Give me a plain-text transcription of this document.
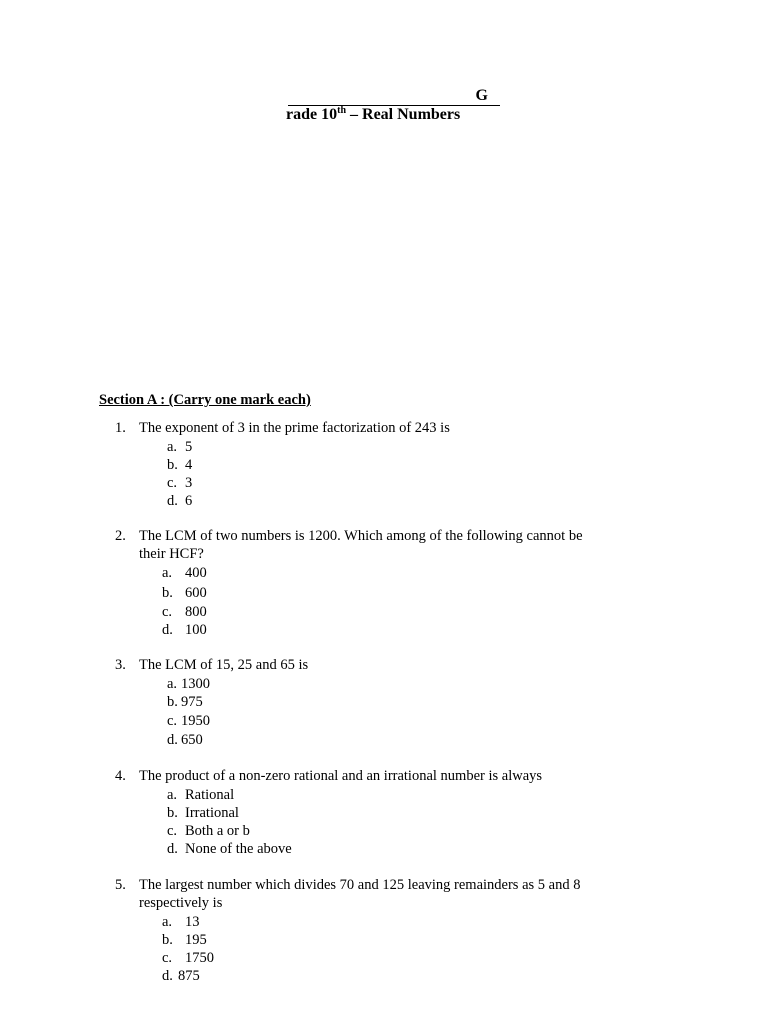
G
rade 10th – Real Numbers
Section A : (Carry one mark each)
1. The exponent of 3 in the prime factorization of 243 is
a. 5
b. 4
c. 3
d. 6
2. The LCM of two numbers is 1200. Which among of the following cannot be
their HCF?
a. 400
b. 600
c. 800
d. 100
3. The LCM of 15, 25 and 65 is
a. 1300
b. 975
c. 1950
d. 650
4. The product of a non-zero rational and an irrational number is always
a. Rational
b. Irrational
c. Both a or b
d. None of the above
5. The largest number which divides 70 and 125 leaving remainders as 5 and 8
respectively is
a. 13
b. 195
c. 1750
d. 875
